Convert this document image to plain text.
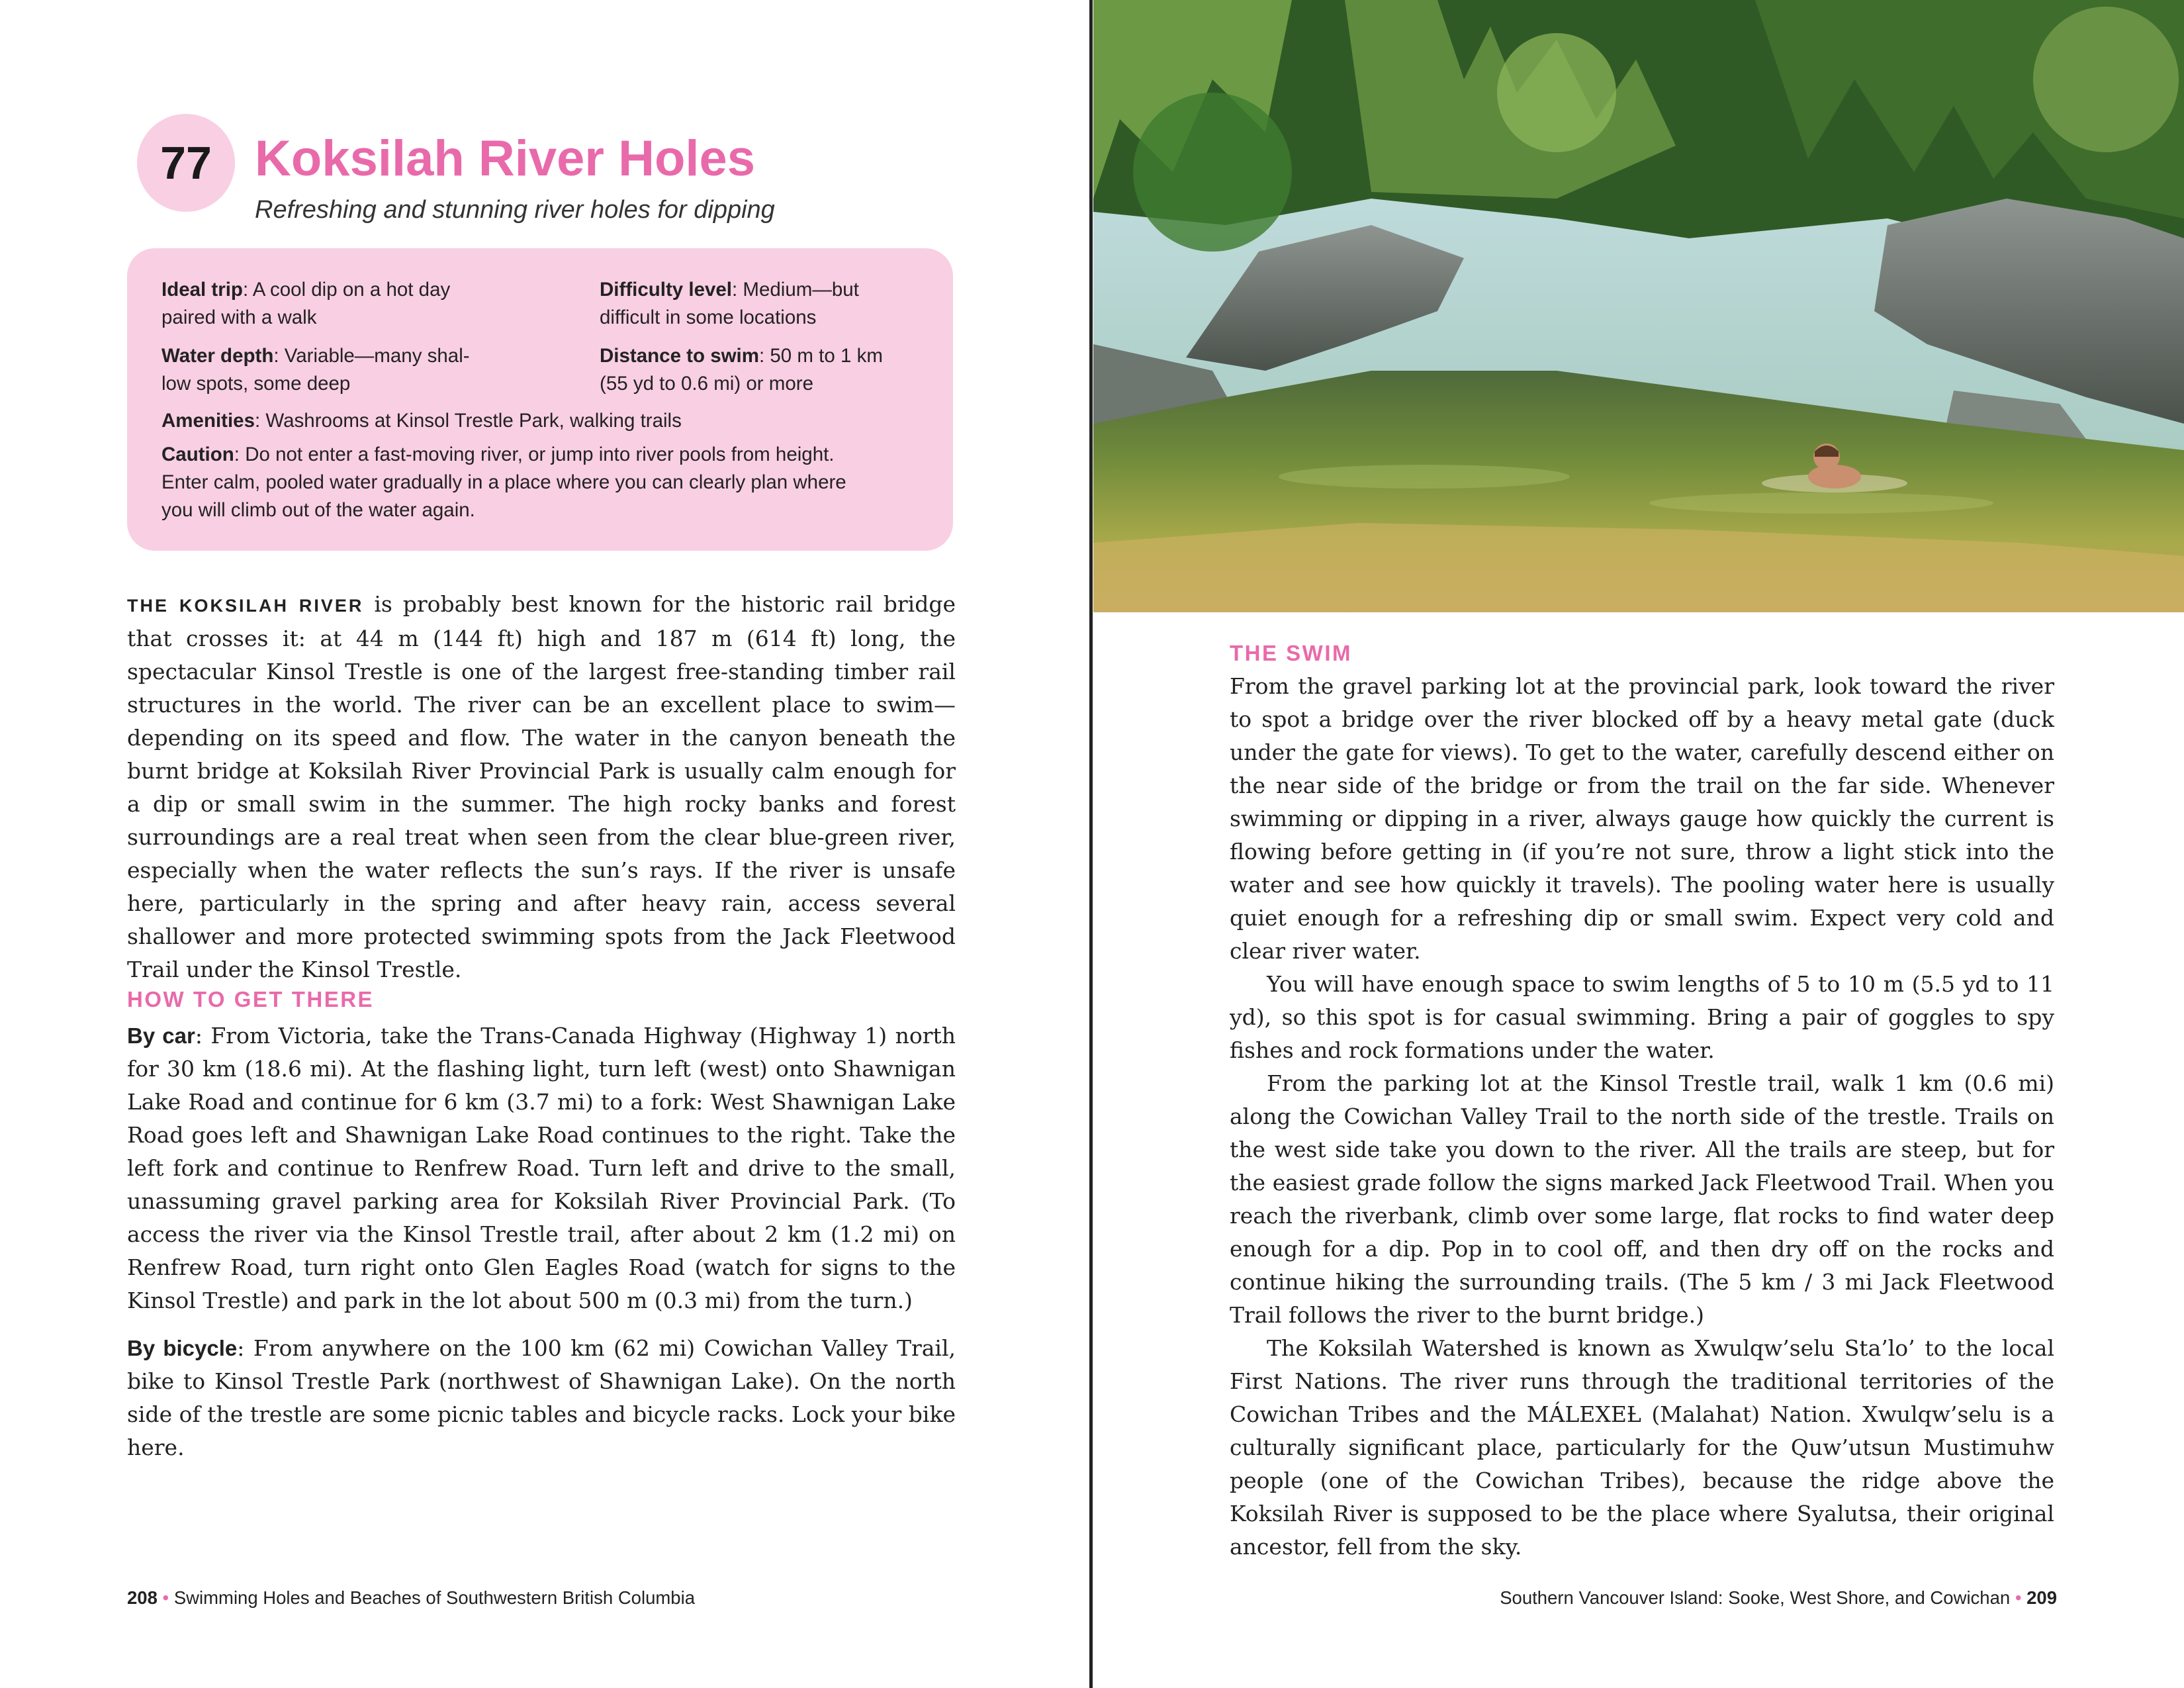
77 Koksilah River Holes
Refreshing and stunning river holes for dipping
Ideal trip: A cool dip on a hot day
paired with a walk
Difficulty level: Medium—but
difficult in some locations
Water depth: Variable—many shal-
low spots, some deep
Distance to swim: 50 m to 1 km
(55 yd to 0.6 mi) or more
Amenities: Washrooms at Kinsol Trestle Park, walking trails
Caution: Do not enter a fast-moving river, or jump into river pools from height.
Enter calm, pooled water gradually in a place where you can clearly plan where
you will climb out of the water again.

THE KOKSILAH RIVER is probably best known for the historic rail bridge that crosses it: at 44 m (144 ft) high and 187 m (614 ft) long, the spectacular Kinsol Trestle is one of the largest free-standing timber rail structures in the world. The river can be an excellent place to swim—depending on its speed and flow. The water in the canyon beneath the burnt bridge at Koksilah River Provincial Park is usually calm enough for a dip or small swim in the summer. The high rocky banks and forest surroundings are a real treat when seen from the clear blue-green river, especially when the water reflects the sun’s rays. If the river is unsafe here, particularly in the spring and after heavy rain, access several shallower and more protected swimming spots from the Jack Fleetwood Trail under the Kinsol Trestle.

HOW TO GET THERE

By car: From Victoria, take the Trans-Canada Highway (Highway 1) north for 30 km (18.6 mi). At the flashing light, turn left (west) onto Shawnigan Lake Road and continue for 6 km (3.7 mi) to a fork: West Shawnigan Lake Road goes left and Shawnigan Lake Road continues to the right. Take the left fork and continue to Renfrew Road. Turn left and drive to the small, unassuming gravel parking area for Koksilah River Provincial Park. (To access the river via the Kinsol Trestle trail, after about 2 km (1.2 mi) on Renfrew Road, turn right onto Glen Eagles Road (watch for signs to the Kinsol Trestle) and park in the lot about 500 m (0.3 mi) from the turn.)

By bicycle: From anywhere on the 100 km (62 mi) Cowichan Valley Trail, bike to Kinsol Trestle Park (northwest of Shawnigan Lake). On the north side of the trestle are some picnic tables and bicycle racks. Lock your bike here.

208 • Swimming Holes and Beaches of Southwestern British Columbia
THE SWIM

From the gravel parking lot at the provincial park, look toward the river to spot a bridge over the river blocked off by a heavy metal gate (duck under the gate for views). To get to the water, carefully descend either on the near side of the bridge or from the trail on the far side. Whenever swimming or dipping in a river, always gauge how quickly the current is flowing before getting in (if you’re not sure, throw a light stick into the water and see how quickly it travels). The pooling water here is usually quiet enough for a refreshing dip or small swim. Expect very cold and clear river water.

You will have enough space to swim lengths of 5 to 10 m (5.5 yd to 11 yd), so this spot is for casual swimming. Bring a pair of goggles to spy fishes and rock formations under the water.

From the parking lot at the Kinsol Trestle trail, walk 1 km (0.6 mi) along the Cowichan Valley Trail to the north side of the trestle. Trails on the west side take you down to the river. All the trails are steep, but for the easiest grade follow the signs marked Jack Fleetwood Trail. When you reach the riverbank, climb over some large, flat rocks to find water deep enough for a dip. Pop in to cool off, and then dry off on the rocks and continue hiking the surrounding trails. (The 5 km / 3 mi Jack Fleetwood Trail follows the river to the burnt bridge.)

The Koksilah Watershed is known as Xwulqw’selu Sta’lo’ to the local First Nations. The river runs through the traditional territories of the Cowichan Tribes and the MÁLEXEȽ (Malahat) Nation. Xwulqw’selu is a culturally significant place, particularly for the Quw’utsun Mustimuhw people (one of the Cowichan Tribes), because the ridge above the Koksilah River is supposed to be the place where Syalutsa, their original ancestor, fell from the sky.

Southern Vancouver Island: Sooke, West Shore, and Cowichan • 209
